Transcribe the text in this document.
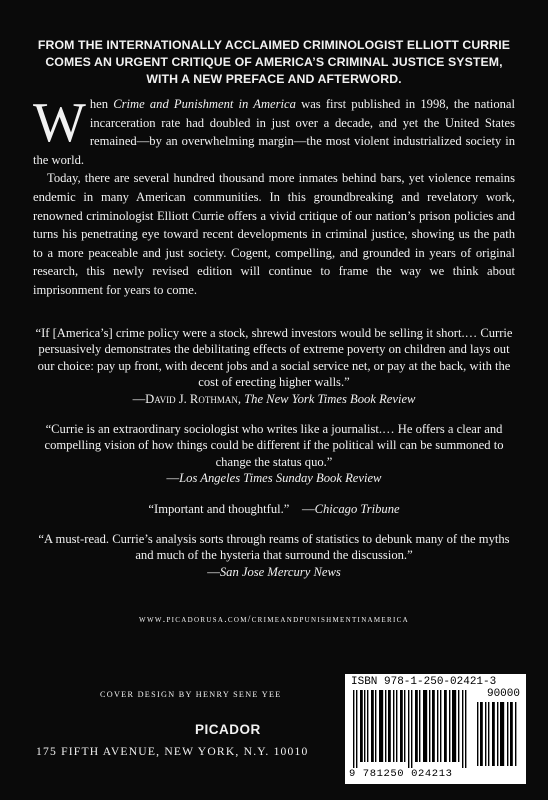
FROM THE INTERNATIONALLY ACCLAIMED CRIMINOLOGIST ELLIOTT CURRIE
COMES AN URGENT CRITIQUE OF AMERICA’S CRIMINAL JUSTICE SYSTEM,
WITH A NEW PREFACE AND AFTERWORD.

When Crime and Punishment in America was first published in 1998, the national incarceration rate had doubled in just over a decade, and yet the United States remained—by an overwhelming margin—the most violent industrialized society in the world.

Today, there are several hundred thousand more inmates behind bars, yet violence remains endemic in many American communities. In this groundbreaking and revelatory work, renowned criminologist Elliott Currie offers a vivid critique of our nation’s prison policies and turns his penetrating eye toward recent developments in criminal justice, showing us the path to a more peaceable and just society. Cogent, compelling, and grounded in years of original research, this newly revised edition will continue to frame the way we think about imprisonment for years to come.

“If [America’s] crime policy were a stock, shrewd investors would be selling it short.… Currie persuasively demonstrates the debilitating effects of extreme poverty on children and lays out our choice: pay up front, with decent jobs and a social service net, or pay at the back, with the cost of erecting higher walls.”
—David J. Rothman, The New York Times Book Review
“Currie is an extraordinary sociologist who writes like a journalist.… He offers a clear and compelling vision of how things could be different if the political will can be summoned to change the status quo.”
—Los Angeles Times Sunday Book Review
“Important and thoughtful.” —Chicago Tribune
“A must-read. Currie’s analysis sorts through reams of statistics to debunk many of the myths and much of the hysteria that surround the discussion.”
—San Jose Mercury News
www.picadorusa.com/crimeandpunishmentinamerica
COVER DESIGN BY HENRY SENE YEE
PICADOR
175 FIFTH AVENUE, NEW YORK, N.Y. 10010
ISBN 978-1-250-02421-3
90000
9 781250 024213
